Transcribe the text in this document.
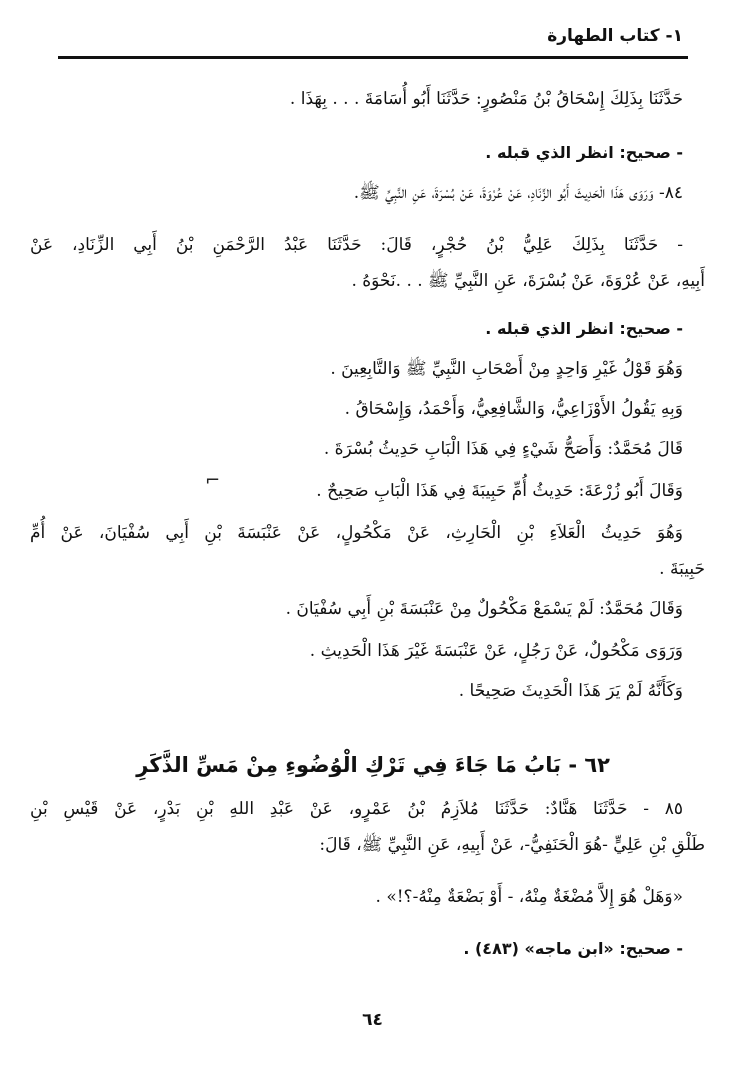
١- كتاب الطهارة
حَدَّثَنَا بِذَلِكَ إِسْحَاقُ بْنُ مَنْصُورٍ: حَدَّثَنَا أَبُو أُسَامَةَ . . . بِهَذَا .
- صحيح: انظر الذي قبله .
٨٤- وَرَوَى هَذَا الْحَدِيثَ أَبُو الزِّنَادِ، عَنْ عُرْوَةَ، عَنْ بُسْرَةَ، عَنِ النَّبِيِّ ﷺ.
- حَدَّثَنَا بِذَلِكَ عَلِيُّ بْنُ حُجْرٍ، قَالَ: حَدَّثَنَا عَبْدُ الرَّحْمَنِ بْنُ أَبِي الزِّنَادِ، عَنْ
أَبِيهِ، عَنْ عُرْوَةَ، عَنْ بُسْرَةَ، عَنِ النَّبِيِّ ﷺ . . .نَحْوَهُ .
- صحيح: انظر الذي قبله .
وَهُوَ قَوْلُ غَيْرِ وَاحِدٍ مِنْ أَصْحَابِ النَّبِيِّ ﷺ وَالتَّابِعِينَ .
وَبِهِ يَقُولُ الأَوْزَاعِيُّ، وَالشَّافِعِيُّ، وَأَحْمَدُ، وَإِسْحَاقُ .
قَالَ مُحَمَّدٌ: وَأَصَحُّ شَيْءٍ فِي هَذَا الْبَابِ حَدِيثُ بُسْرَةَ .
وَقَالَ أَبُو زُرْعَةَ: حَدِيثُ أُمِّ حَبِيبَةَ فِي هَذَا الْبَابِ صَحِيحٌ .
⌐
وَهُوَ حَدِيثُ الْعَلاَءِ بْنِ الْحَارِثِ، عَنْ مَكْحُولٍ، عَنْ عَنْبَسَةَ بْنِ أَبِي سُفْيَانَ، عَنْ أُمِّ
حَبِيبَةَ .
وَقَالَ مُحَمَّدٌ: لَمْ يَسْمَعْ مَكْحُولٌ مِنْ عَنْبَسَةَ بْنِ أَبِي سُفْيَانَ .
وَرَوَى مَكْحُولٌ، عَنْ رَجُلٍ، عَنْ عَنْبَسَةَ غَيْرَ هَذَا الْحَدِيثِ .
وَكَأَنَّهُ لَمْ يَرَ هَذَا الْحَدِيثَ صَحِيحًا .
٦٢ - بَابُ مَا جَاءَ فِي تَرْكِ الْوُضُوءِ مِنْ مَسِّ الذَّكَرِ
٨٥ - حَدَّثَنَا هَنَّادٌ: حَدَّثَنَا مُلاَزِمُ بْنُ عَمْرٍو، عَنْ عَبْدِ اللهِ بْنِ بَدْرٍ، عَنْ قَيْسِ بْنِ
طَلْقِ بْنِ عَلِيٍّ -هُوَ الْحَنَفِيُّ-، عَنْ أَبِيهِ، عَنِ النَّبِيِّ ﷺ، قَالَ:
«وَهَلْ هُوَ إِلاَّ مُضْغَةٌ مِنْهُ، - أَوْ بَضْعَةٌ مِنْهُ-؟!» .
- صحيح: «ابن ماجه» (٤٨٣) .
٦٤
